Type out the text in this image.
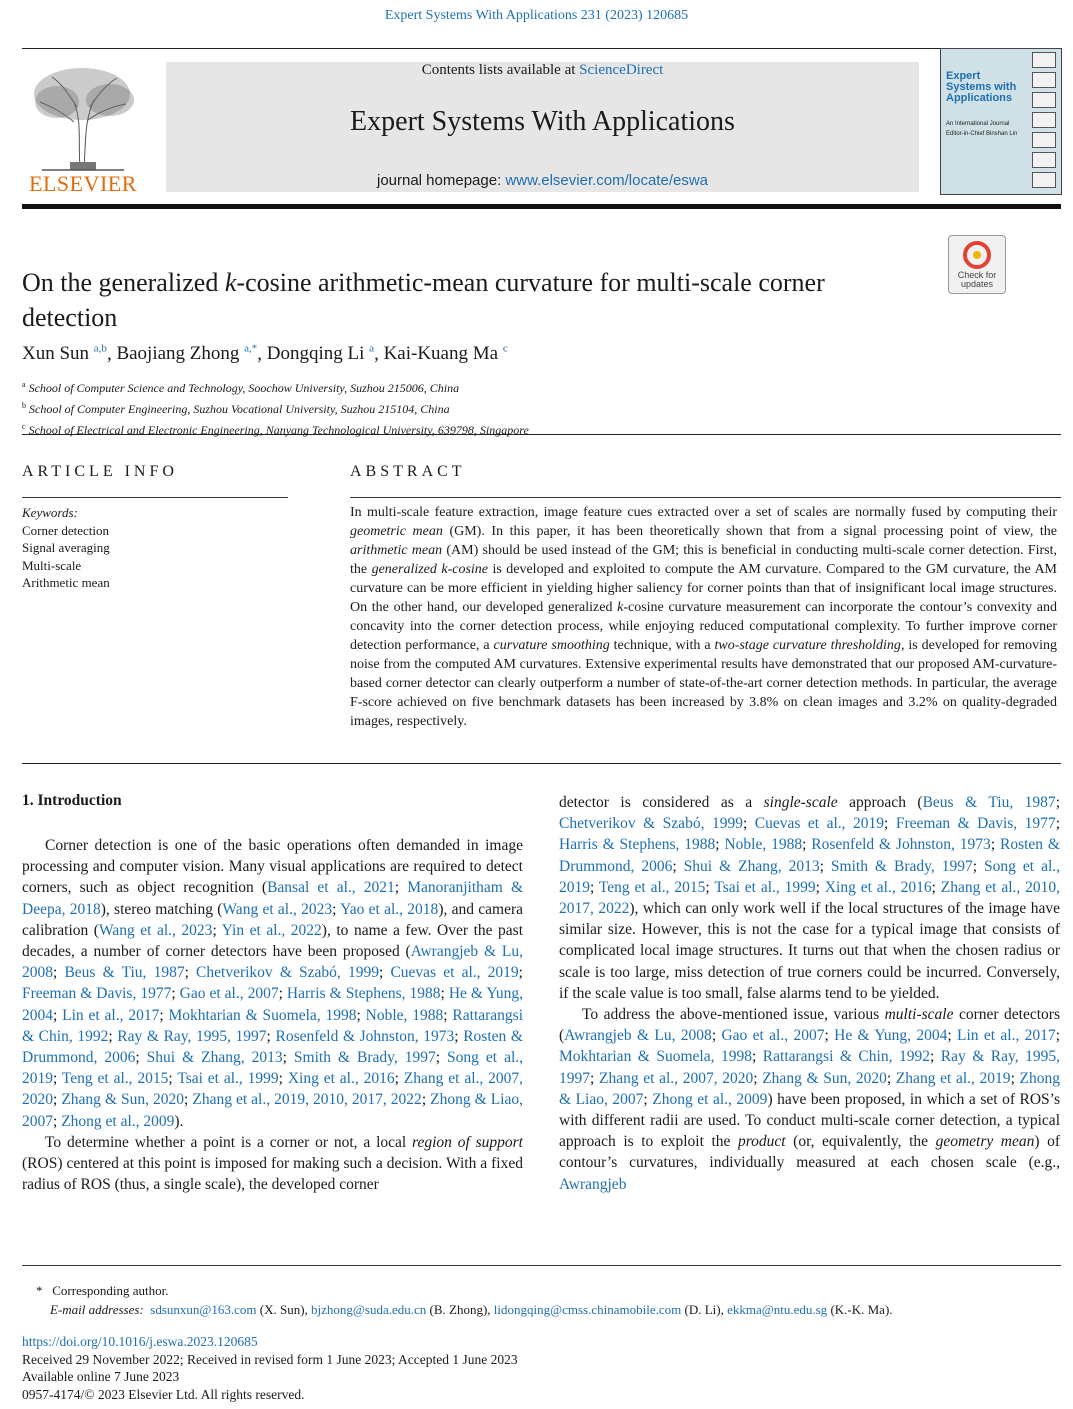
Expert Systems With Applications 231 (2023) 120685
ELSEVIER
Contents lists available at ScienceDirect
Expert Systems With Applications
journal homepage: www.elsevier.com/locate/eswa
Expert Systems with Applications
An International Journal
Editor-in-Chief Binshan Lin
Check for updates
On the generalized k-cosine arithmetic-mean curvature for multi-scale corner detection
Xun Sun $^{a,b}$, Baojiang Zhong $^{a,*}$, Dongqing Li $^a$, Kai-Kuang Ma $^c$
$^a$ School of Computer Science and Technology, Soochow University, Suzhou 215006, China
$^b$ School of Computer Engineering, Suzhou Vocational University, Suzhou 215104, China
$^c$ School of Electrical and Electronic Engineering, Nanyang Technological University, 639798, Singapore
ARTICLE INFO
Keywords:
Corner detection
Signal averaging
Multi-scale
Arithmetic mean
ABSTRACT
In multi-scale feature extraction, image feature cues extracted over a set of scales are normally fused by computing their geometric mean (GM). In this paper, it has been theoretically shown that from a signal processing point of view, the arithmetic mean (AM) should be used instead of the GM; this is beneficial in conducting multi-scale corner detection. First, the generalized k-cosine is developed and exploited to compute the AM curvature. Compared to the GM curvature, the AM curvature can be more efficient in yielding higher saliency for corner points than that of insignificant local image structures. On the other hand, our developed generalized k-cosine curvature measurement can incorporate the contour’s convexity and concavity into the corner detection process, while enjoying reduced computational complexity. To further improve corner detection performance, a curvature smoothing technique, with a two-stage curvature thresholding, is developed for removing noise from the computed AM curvatures. Extensive experimental results have demonstrated that our proposed AM-curvature-based corner detector can clearly outperform a number of state-of-the-art corner detection methods. In particular, the average F-score achieved on five benchmark datasets has been increased by 3.8% on clean images and 3.2% on quality-degraded images, respectively.
1. Introduction

Corner detection is one of the basic operations often demanded in image processing and computer vision. Many visual applications are required to detect corners, such as object recognition (Bansal et al., 2021; Manoranjitham & Deepa, 2018), stereo matching (Wang et al., 2023; Yao et al., 2018), and camera calibration (Wang et al., 2023; Yin et al., 2022), to name a few. Over the past decades, a number of corner detectors have been proposed (Awrangjeb & Lu, 2008; Beus & Tiu, 1987; Chetverikov & Szabó, 1999; Cuevas et al., 2019; Freeman & Davis, 1977; Gao et al., 2007; Harris & Stephens, 1988; He & Yung, 2004; Lin et al., 2017; Mokhtarian & Suomela, 1998; Noble, 1988; Rattarangsi & Chin, 1992; Ray & Ray, 1995, 1997; Rosenfeld & Johnston, 1973; Rosten & Drummond, 2006; Shui & Zhang, 2013; Smith & Brady, 1997; Song et al., 2019; Teng et al., 2015; Tsai et al., 1999; Xing et al., 2016; Zhang et al., 2007, 2020; Zhang & Sun, 2020; Zhang et al., 2019, 2010, 2017, 2022; Zhong & Liao, 2007; Zhong et al., 2009).

To determine whether a point is a corner or not, a local region of support (ROS) centered at this point is imposed for making such a decision. With a fixed radius of ROS (thus, a single scale), the developed corner

detector is considered as a single-scale approach (Beus & Tiu, 1987; Chetverikov & Szabó, 1999; Cuevas et al., 2019; Freeman & Davis, 1977; Harris & Stephens, 1988; Noble, 1988; Rosenfeld & Johnston, 1973; Rosten & Drummond, 2006; Shui & Zhang, 2013; Smith & Brady, 1997; Song et al., 2019; Teng et al., 2015; Tsai et al., 1999; Xing et al., 2016; Zhang et al., 2010, 2017, 2022), which can only work well if the local structures of the image have similar size. However, this is not the case for a typical image that consists of complicated local image structures. It turns out that when the chosen radius or scale is too large, miss detection of true corners could be incurred. Conversely, if the scale value is too small, false alarms tend to be yielded.

To address the above-mentioned issue, various multi-scale corner detectors (Awrangjeb & Lu, 2008; Gao et al., 2007; He & Yung, 2004; Lin et al., 2017; Mokhtarian & Suomela, 1998; Rattarangsi & Chin, 1992; Ray & Ray, 1995, 1997; Zhang et al., 2007, 2020; Zhang & Sun, 2020; Zhang et al., 2019; Zhong & Liao, 2007; Zhong et al., 2009) have been proposed, in which a set of ROS’s with different radii are used. To conduct multi-scale corner detection, a typical approach is to exploit the product (or, equivalently, the geometry mean) of contour’s curvatures, individually measured at each chosen scale (e.g., Awrangjeb

* Corresponding author.
E-mail addresses: sdsunxun@163.com (X. Sun), bjzhong@suda.edu.cn (B. Zhong), lidongqing@cmss.chinamobile.com (D. Li), ekkma@ntu.edu.sg (K.-K. Ma).
https://doi.org/10.1016/j.eswa.2023.120685
Received 29 November 2022; Received in revised form 1 June 2023; Accepted 1 June 2023
Available online 7 June 2023
0957-4174/© 2023 Elsevier Ltd. All rights reserved.
